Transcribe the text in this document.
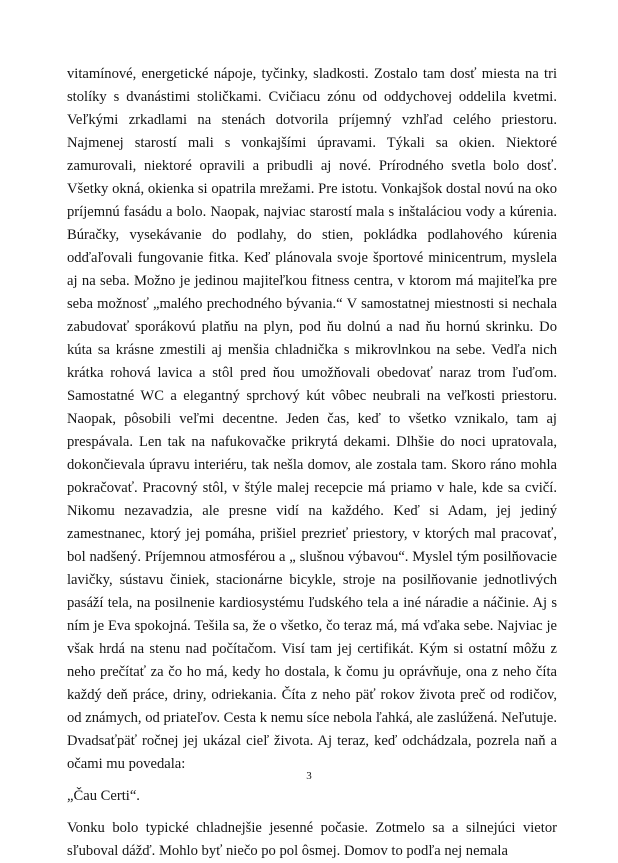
vitamínové, energetické nápoje, tyčinky, sladkosti. Zostalo tam dosť miesta na tri stolíky s dvanástimi stoličkami. Cvičiacu zónu od oddychovej oddelila kvetmi. Veľkými zrkadlami na stenách dotvorila príjemný vzhľad celého priestoru. Najmenej starostí mali s vonkajšími úpravami. Týkali sa okien. Niektoré zamurovali, niektoré opravili a pribudli aj nové. Prírodného svetla bolo dosť. Všetky okná, okienka si opatrila mrežami. Pre istotu. Vonkajšok dostal novú na oko príjemnú fasádu a bolo. Naopak, najviac starostí mala s inštaláciou vody a kúrenia. Búračky, vysekávanie do podlahy, do stien, pokládka podlahového kúrenia odďaľovali fungovanie fitka. Keď plánovala svoje športové minicentrum, myslela aj na seba. Možno je jedinou majiteľkou fitness centra, v ktorom má majiteľka pre seba možnosť „malého prechodného bývania.“ V samostatnej miestnosti si nechala zabudovať sporákovú platňu na plyn, pod ňu dolnú a nad ňu hornú skrinku. Do kúta sa krásne zmestili aj menšia chladnička s mikrovlnkou na sebe. Vedľa nich krátka rohová lavica a stôl pred ňou umožňovali obedovať naraz trom ľuďom. Samostatné WC a elegantný sprchový kút vôbec neubrali na veľkosti priestoru. Naopak, pôsobili veľmi decentne. Jeden čas, keď to všetko vznikalo, tam aj prespávala. Len tak na nafukovačke prikrytá dekami. Dlhšie do noci upratovala, dokončievala úpravu interiéru, tak nešla domov, ale zostala tam. Skoro ráno mohla pokračovať. Pracovný stôl, v štýle malej recepcie má priamo v hale, kde sa cvičí. Nikomu nezavadzia, ale presne vidí na každého. Keď si Adam, jej jediný zamestnanec, ktorý jej pomáha, prišiel prezrieť priestory, v ktorých mal pracovať, bol nadšený. Príjemnou atmosférou a „ slušnou výbavou“. Myslel tým posilňovacie lavičky, sústavu činiek, stacionárne bicykle, stroje na posilňovanie jednotlivých pasáží tela, na posilnenie kardiosystému ľudského tela a iné náradie a náčinie. Aj s ním je Eva spokojná. Tešila sa, že o všetko, čo teraz má, má vďaka sebe. Najviac je však hrdá na stenu nad počítačom. Visí tam jej certifikát. Kým si ostatní môžu z neho prečítať za čo ho má, kedy ho dostala, k čomu ju oprávňuje, ona z neho číta každý deň práce, driny, odriekania. Číta z neho päť rokov života preč od rodičov, od známych, od priateľov. Cesta k nemu síce nebola ľahká, ale zaslúžená. Neľutuje. Dvadsaťpäť ročnej jej ukázal cieľ života. Aj teraz, keď odchádzala, pozrela naň a očami mu povedala:

„Čau Certi“.

Vonku bolo typické chladnejšie jesenné počasie. Zotmelo sa a silnejúci vietor sľuboval dážď. Mohlo byť niečo po pol ôsmej. Domov to podľa nej nemala

3
